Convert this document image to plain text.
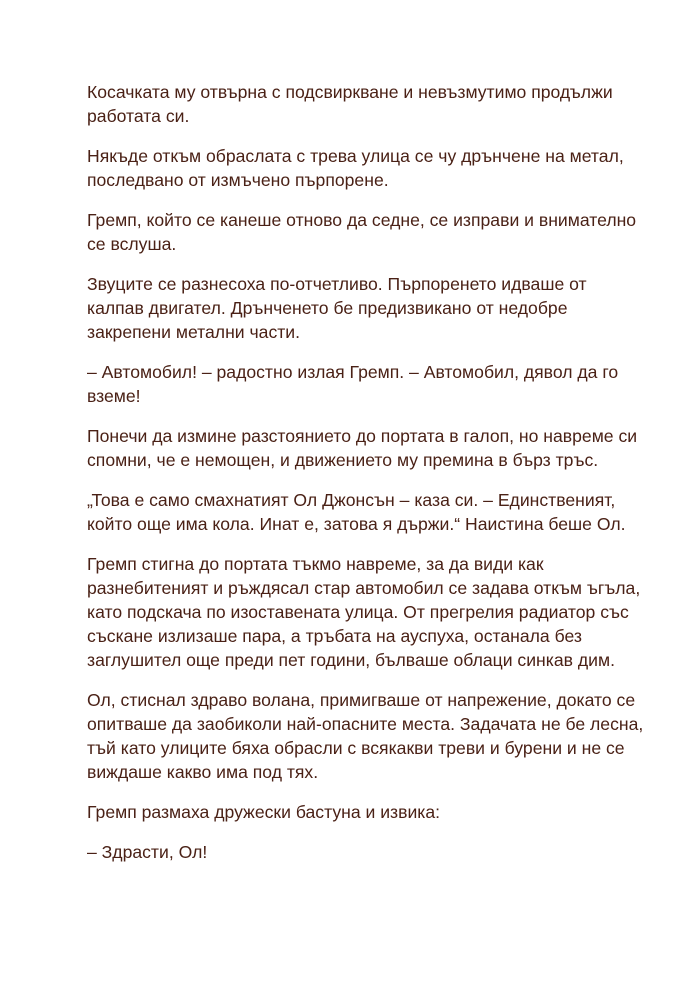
Косачката му отвърна с подсвиркване и невъзмутимо продължи работата си.

Някъде откъм обраслата с трева улица се чу дрънчене на метал, последвано от измъчено пърпорене.

Гремп, който се канеше отново да седне, се изправи и внимателно се вслуша.

Звуците се разнесоха по-отчетливо. Пърпоренето идваше от калпав двигател. Дрънченето бе предизвикано от недобре закрепени метални части.

– Автомобил! – радостно излая Гремп. – Автомобил, дявол да го вземе!

Понечи да измине разстоянието до портата в галоп, но навреме си спомни, че е немощен, и движението му премина в бърз тръс.

„Това е само смахнатият Ол Джонсън – каза си. – Единственият, който още има кола. Инат е, затова я държи.“ Наистина беше Ол.

Гремп стигна до портата тъкмо навреме, за да види как разнебитеният и ръждясал стар автомобил се задава откъм ъгъла, като подскача по изоставената улица. От прегрелия радиатор със съскане излизаше пара, а тръбата на ауспуха, останала без заглушител още преди пет години, бълваше облаци синкав дим.

Ол, стиснал здраво волана, примигваше от напрежение, докато се опитваше да заобиколи най-опасните места. Задачата не бе лесна, тъй като улиците бяха обрасли с всякакви треви и бурени и не се виждаше какво има под тях.

Гремп размаха дружески бастуна и извика:

– Здрасти, Ол!
